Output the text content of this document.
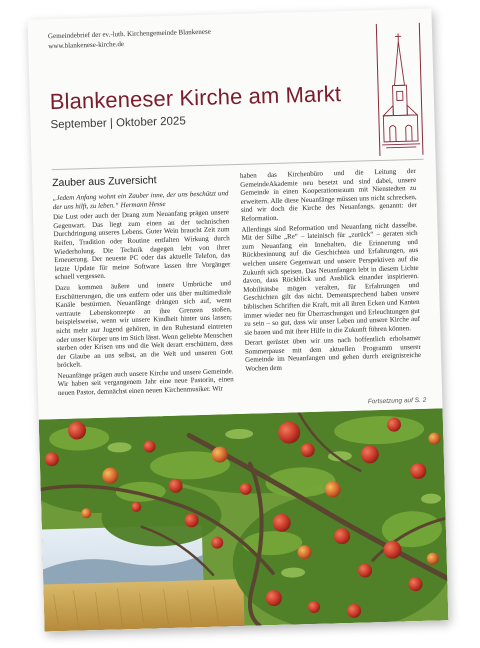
Gemeindebrief der ev.-luth. Kirchengemeinde Blankenese
www.blankenese-kirche.de
Blankeneser Kirche am Markt
September | Oktober 2025
Zauber aus Zuversicht

„Jedem Anfang wohnt ein Zauber inne, der uns beschützt und der uns hilft, zu leben.“ Hermann Hesse

Die Lust oder auch der Drang zum Neuanfang prägen unsere Gegenwart. Das liegt zum einen an der technischen Durchdringung unseres Lebens. Guter Wein braucht Zeit zum Reifen, Tradition oder Routine entfalten Wirkung durch Wiederholung. Die Technik dagegen lebt von ihrer Erneuerung. Der neueste PC oder das aktuelle Telefon, das letzte Update für meine Software lassen ihre Vorgänger schnell vergessen.

Dazu kommen äußere und innere Umbrüche und Erschütterungen, die uns entfern oder uns über multimediale Kanäle bestürmen. Neuanfänge drängen sich auf, wenn vertraute Lebenskonzepte an ihre Grenzen stoßen, beispielsweise, wenn wir unsere Kindheit hinter uns lassen; nicht mehr zur Jugend gehören, in den Ruhestand eintreten oder unser Körper uns im Stich lässt. Wenn geliebte Menschen sterben oder Krisen uns und die Welt derart erschüttern, dass der Glaube an uns selbst, an die Welt und unseren Gott bröckelt.

Neuanfänge prägen auch unsere Kirche und unsere Gemeinde. Wir haben seit vergangenem Jahr eine neue Pastorin, einen neuen Pastor, demnächst einen neuen Kirchenmusiker. Wir

haben das Kirchenbüro und die Leitung der GemeindeAkademie neu besetzt und sind dabei, unsere Gemeinde in einen Kooperationsraum mit Nienstedten zu erweitern. Alle diese Neuanfänge müssen uns nicht schrecken, sind wir doch die Kirche des Neuanfangs, genannt: der Reformation.

Allerdings sind Reformation und Neuanfang nicht dasselbe. Mit der Silbe „Re“ – lateinisch für „zurück“ – geraten sich zum Neuanfang ein Innehalten, die Erinnerung und Rückbesinnung auf die Geschichten und Erfahrungen, aus welchen unsere Gegenwart und unsere Perspektiven auf die Zukunft sich speisen. Das Neuanfangen lebt in diesem Lichte davon, dass Rückblick und Ausblick einander inspirieren. Mobilitätsbe mögen veralten, für Erfahrungen und Geschichten gilt das nicht. Dementsprechend haben unsere biblischen Schriften die Kraft, mit all ihren Ecken und Kanten immer wieder neu für Überraschungen und Erleuchtungen gut zu sein – so gut, dass wir unser Leben und unsere Kirche auf sie bauen und mit ihrer Hilfe in die Zukunft führen können.

Derart gerüstet üben wir uns nach hoffentlich erholsamer Sommerpause mit dem aktuellen Programm unserer Gemeinde im Neuanfangen und gehen durch ereignisreiche Wochen dem

Fortsetzung auf S. 2
